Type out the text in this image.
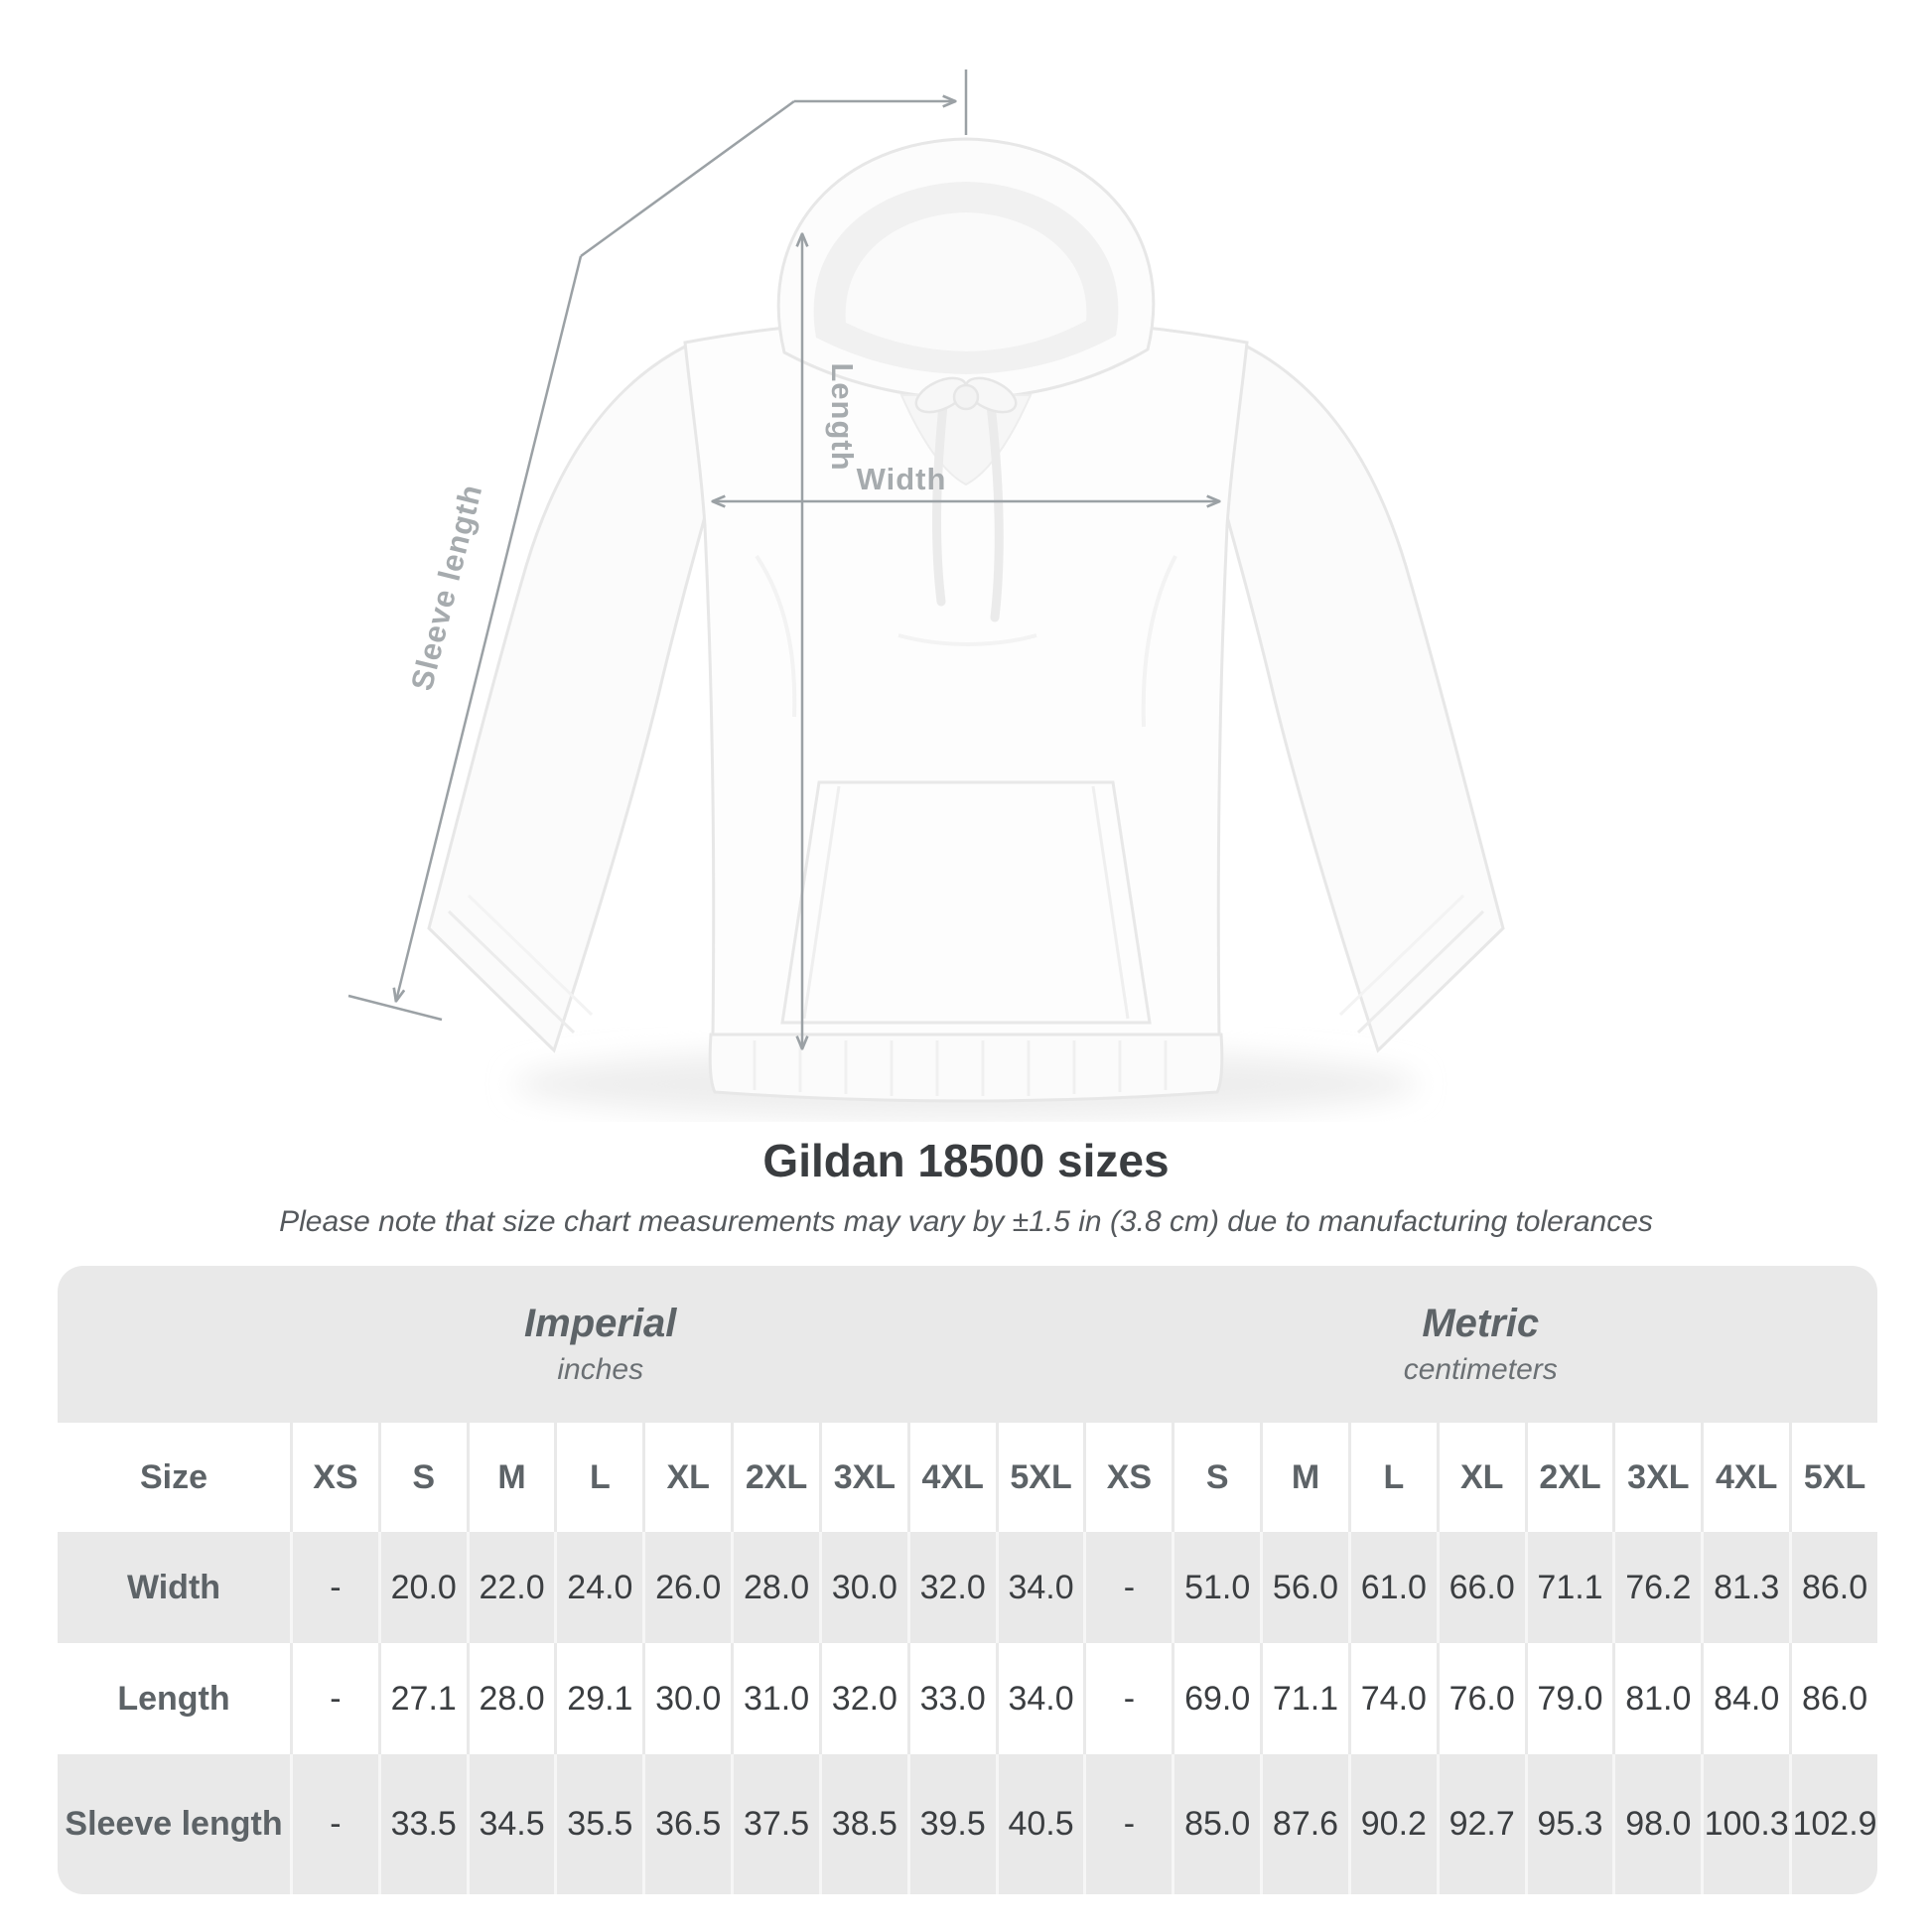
Length
Width
Sleeve length
Gildan 18500 sizes
Please note that size chart measurements may vary by ±1.5 in (3.8 cm) due to manufacturing tolerances
Imperial
inches

Metric
centimeters

Size	XS	S	M	L	XL	2XL	3XL	4XL	5XL	XS	S	M	L	XL	2XL	3XL	4XL	5XL
Width	-	20.0	22.0	24.0	26.0	28.0	30.0	32.0	34.0	-	51.0	56.0	61.0	66.0	71.1	76.2	81.3	86.0
Length	-	27.1	28.0	29.1	30.0	31.0	32.0	33.0	34.0	-	69.0	71.1	74.0	76.0	79.0	81.0	84.0	86.0
Sleeve length	-	33.5	34.5	35.5	36.5	37.5	38.5	39.5	40.5	-	85.0	87.6	90.2	92.7	95.3	98.0	100.3	102.9
